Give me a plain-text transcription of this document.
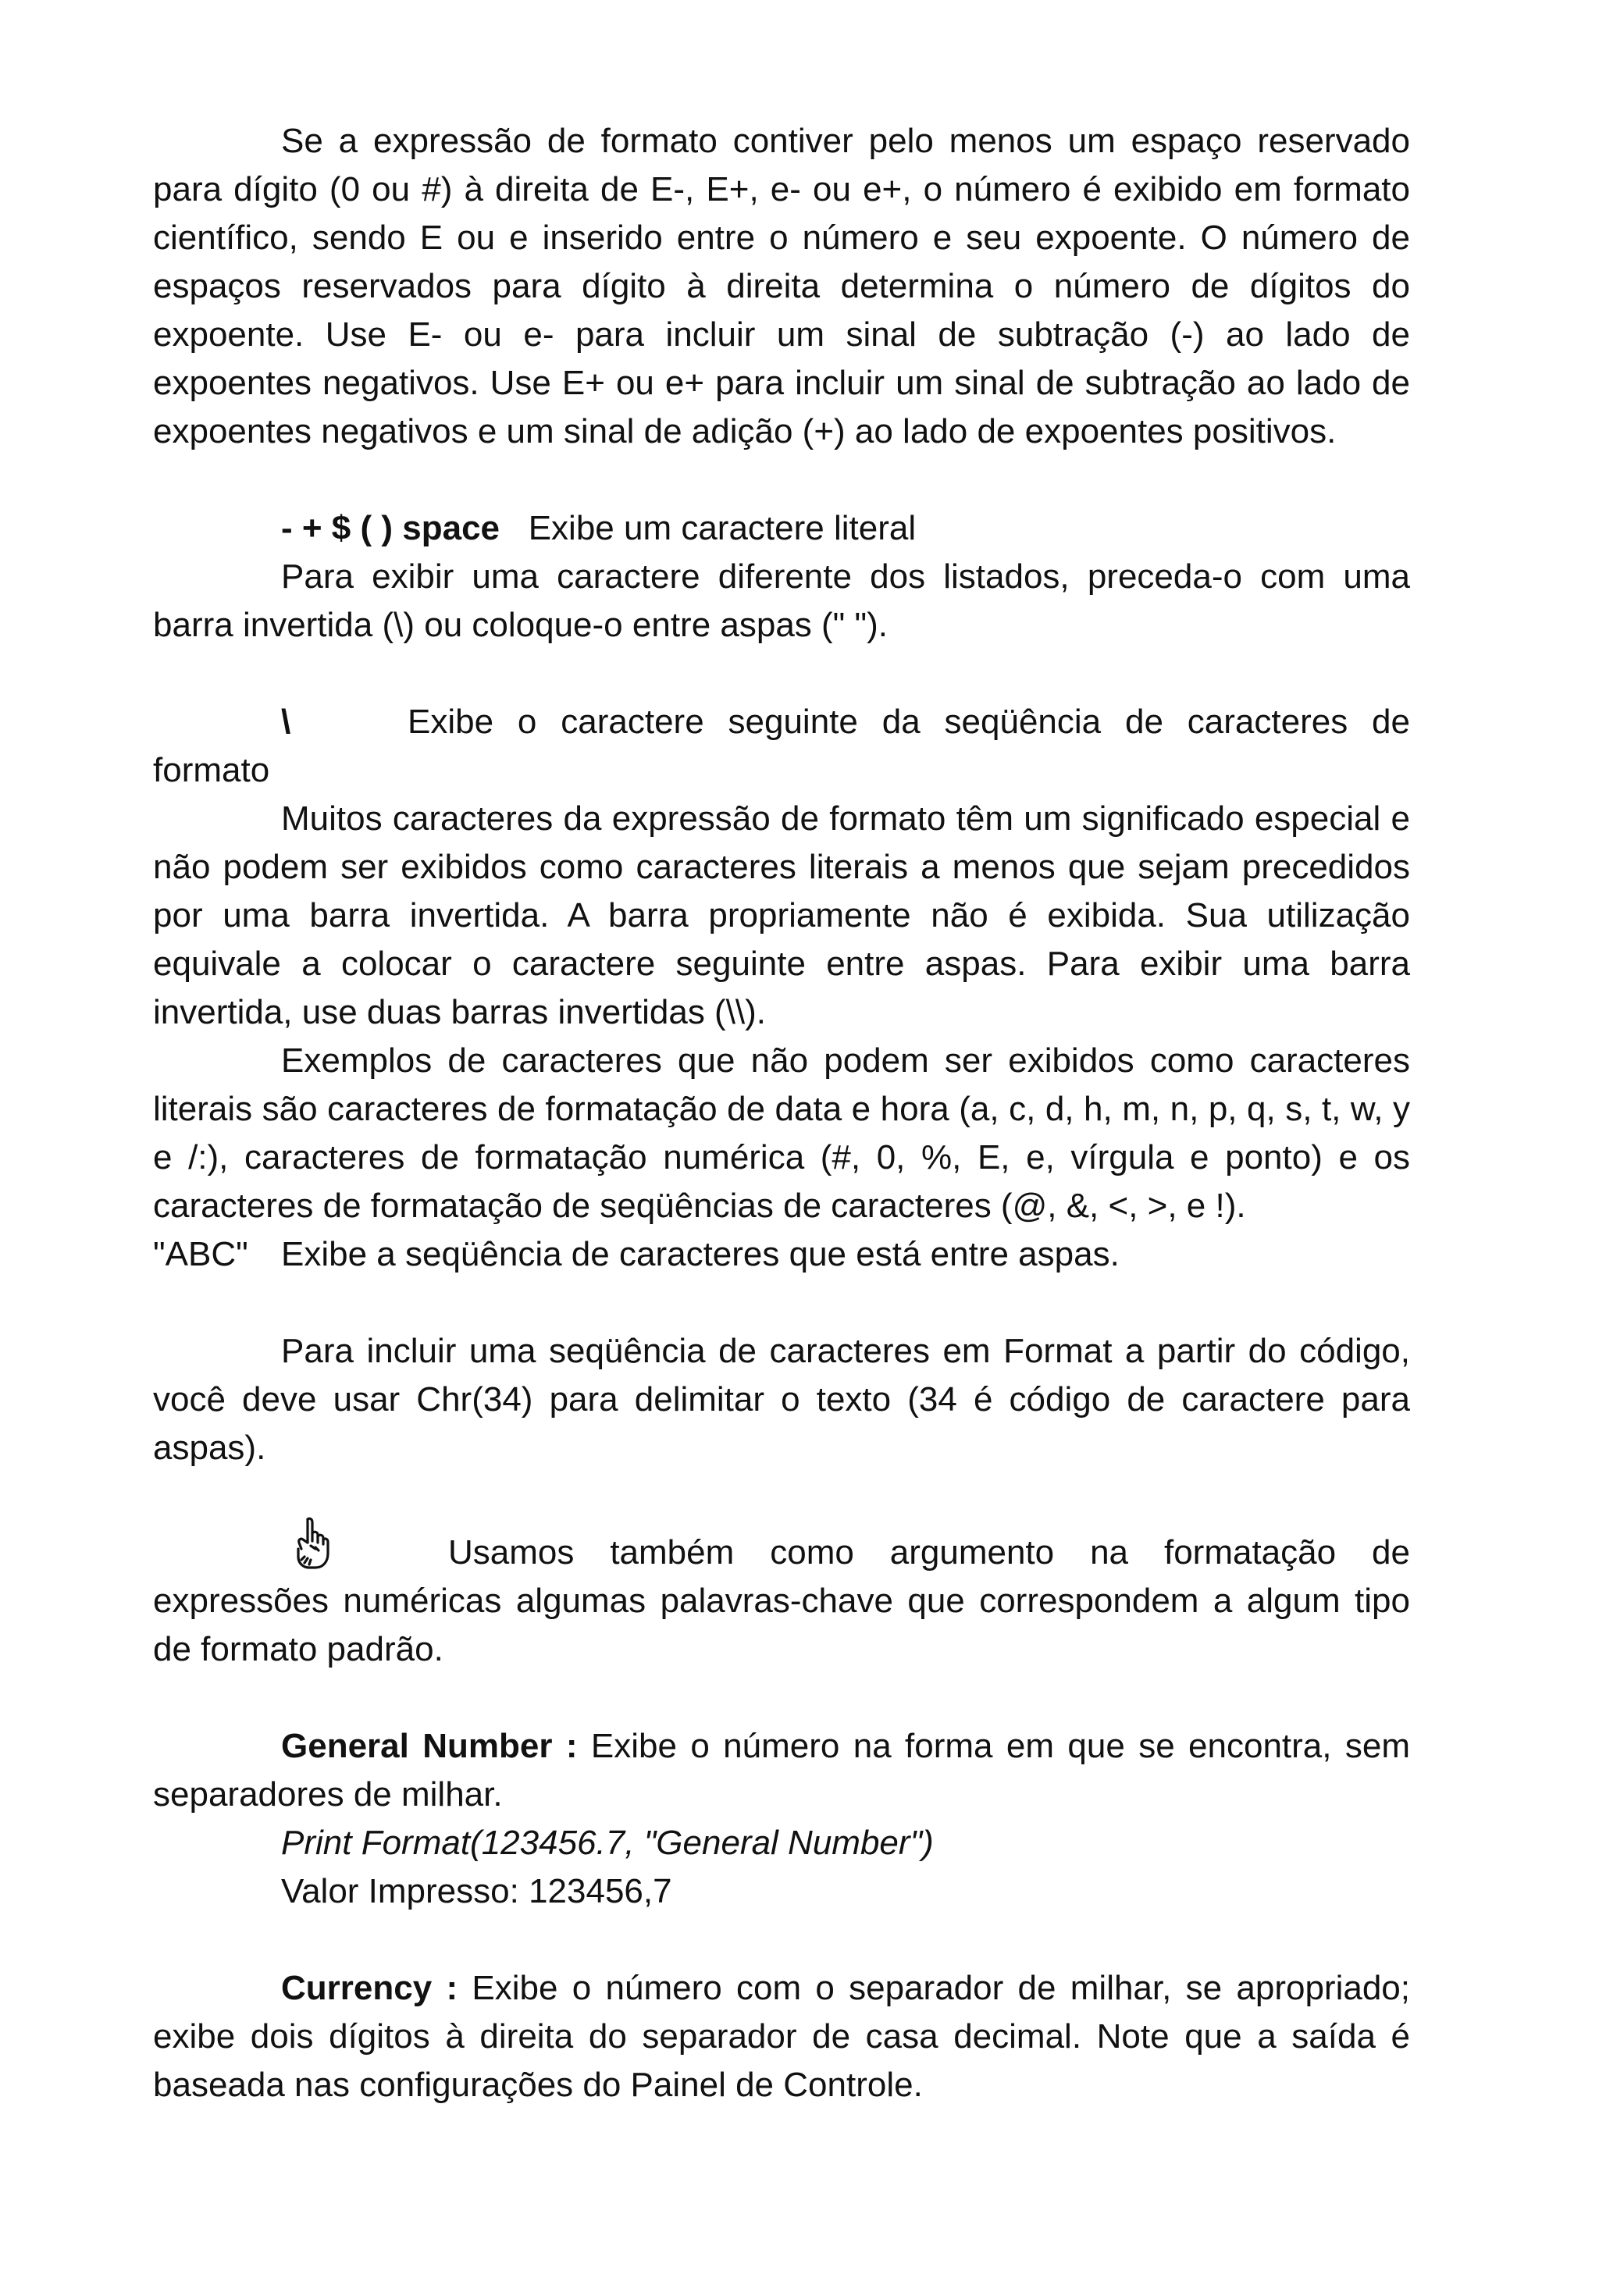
Se a expressão de formato contiver pelo menos um espaço reservado para dígito (0 ou #) à direita de E-, E+, e- ou e+, o número é exibido em formato científico, sendo E ou e inserido entre o número e seu expoente. O número de espaços reservados para dígito à direita determina o número de dígitos do expoente. Use E- ou e- para incluir um sinal de subtração (-) ao lado de expoentes negativos. Use E+ ou e+ para incluir um sinal de subtração ao lado de expoentes negativos e um sinal de adição (+) ao lado de expoentes positivos.

- + $ ( ) space Exibe um caractere literal

Para exibir uma caractere diferente dos listados, preceda-o com uma barra invertida (\) ou coloque-o entre aspas (" ").

\	Exibe o caractere seguinte da seqüência de caracteres de

formato

Muitos caracteres da expressão de formato têm um significado especial e não podem ser exibidos como caracteres literais a menos que sejam precedidos por uma barra invertida. A barra propriamente não é exibida. Sua utilização equivale a colocar o caractere seguinte entre aspas. Para exibir uma barra invertida, use duas barras invertidas (\\).

Exemplos de caracteres que não podem ser exibidos como caracteres literais são caracteres de formatação de data e hora (a, c, d, h, m, n, p, q, s, t, w, y e /:), caracteres de formatação numérica (#, 0, %, E, e, vírgula e ponto) e os caracteres de formatação de seqüências de caracteres (@, &, <, >, e !).

"ABC" Exibe a seqüência de caracteres que está entre aspas.

Para incluir uma seqüência de caracteres em Format a partir do código, você deve usar Chr(34) para delimitar o texto (34 é código de caractere para aspas).

Usamos também como argumento na formatação de

expressões numéricas algumas palavras-chave que correspondem a algum tipo de formato padrão.

General Number : Exibe o número na forma em que se encontra, sem separadores de milhar.

Print Format(123456.7, "General Number")

Valor Impresso: 123456,7

Currency : Exibe o número com o separador de milhar, se apropriado; exibe dois dígitos à direita do separador de casa decimal. Note que a saída é baseada nas configurações do Painel de Controle.
